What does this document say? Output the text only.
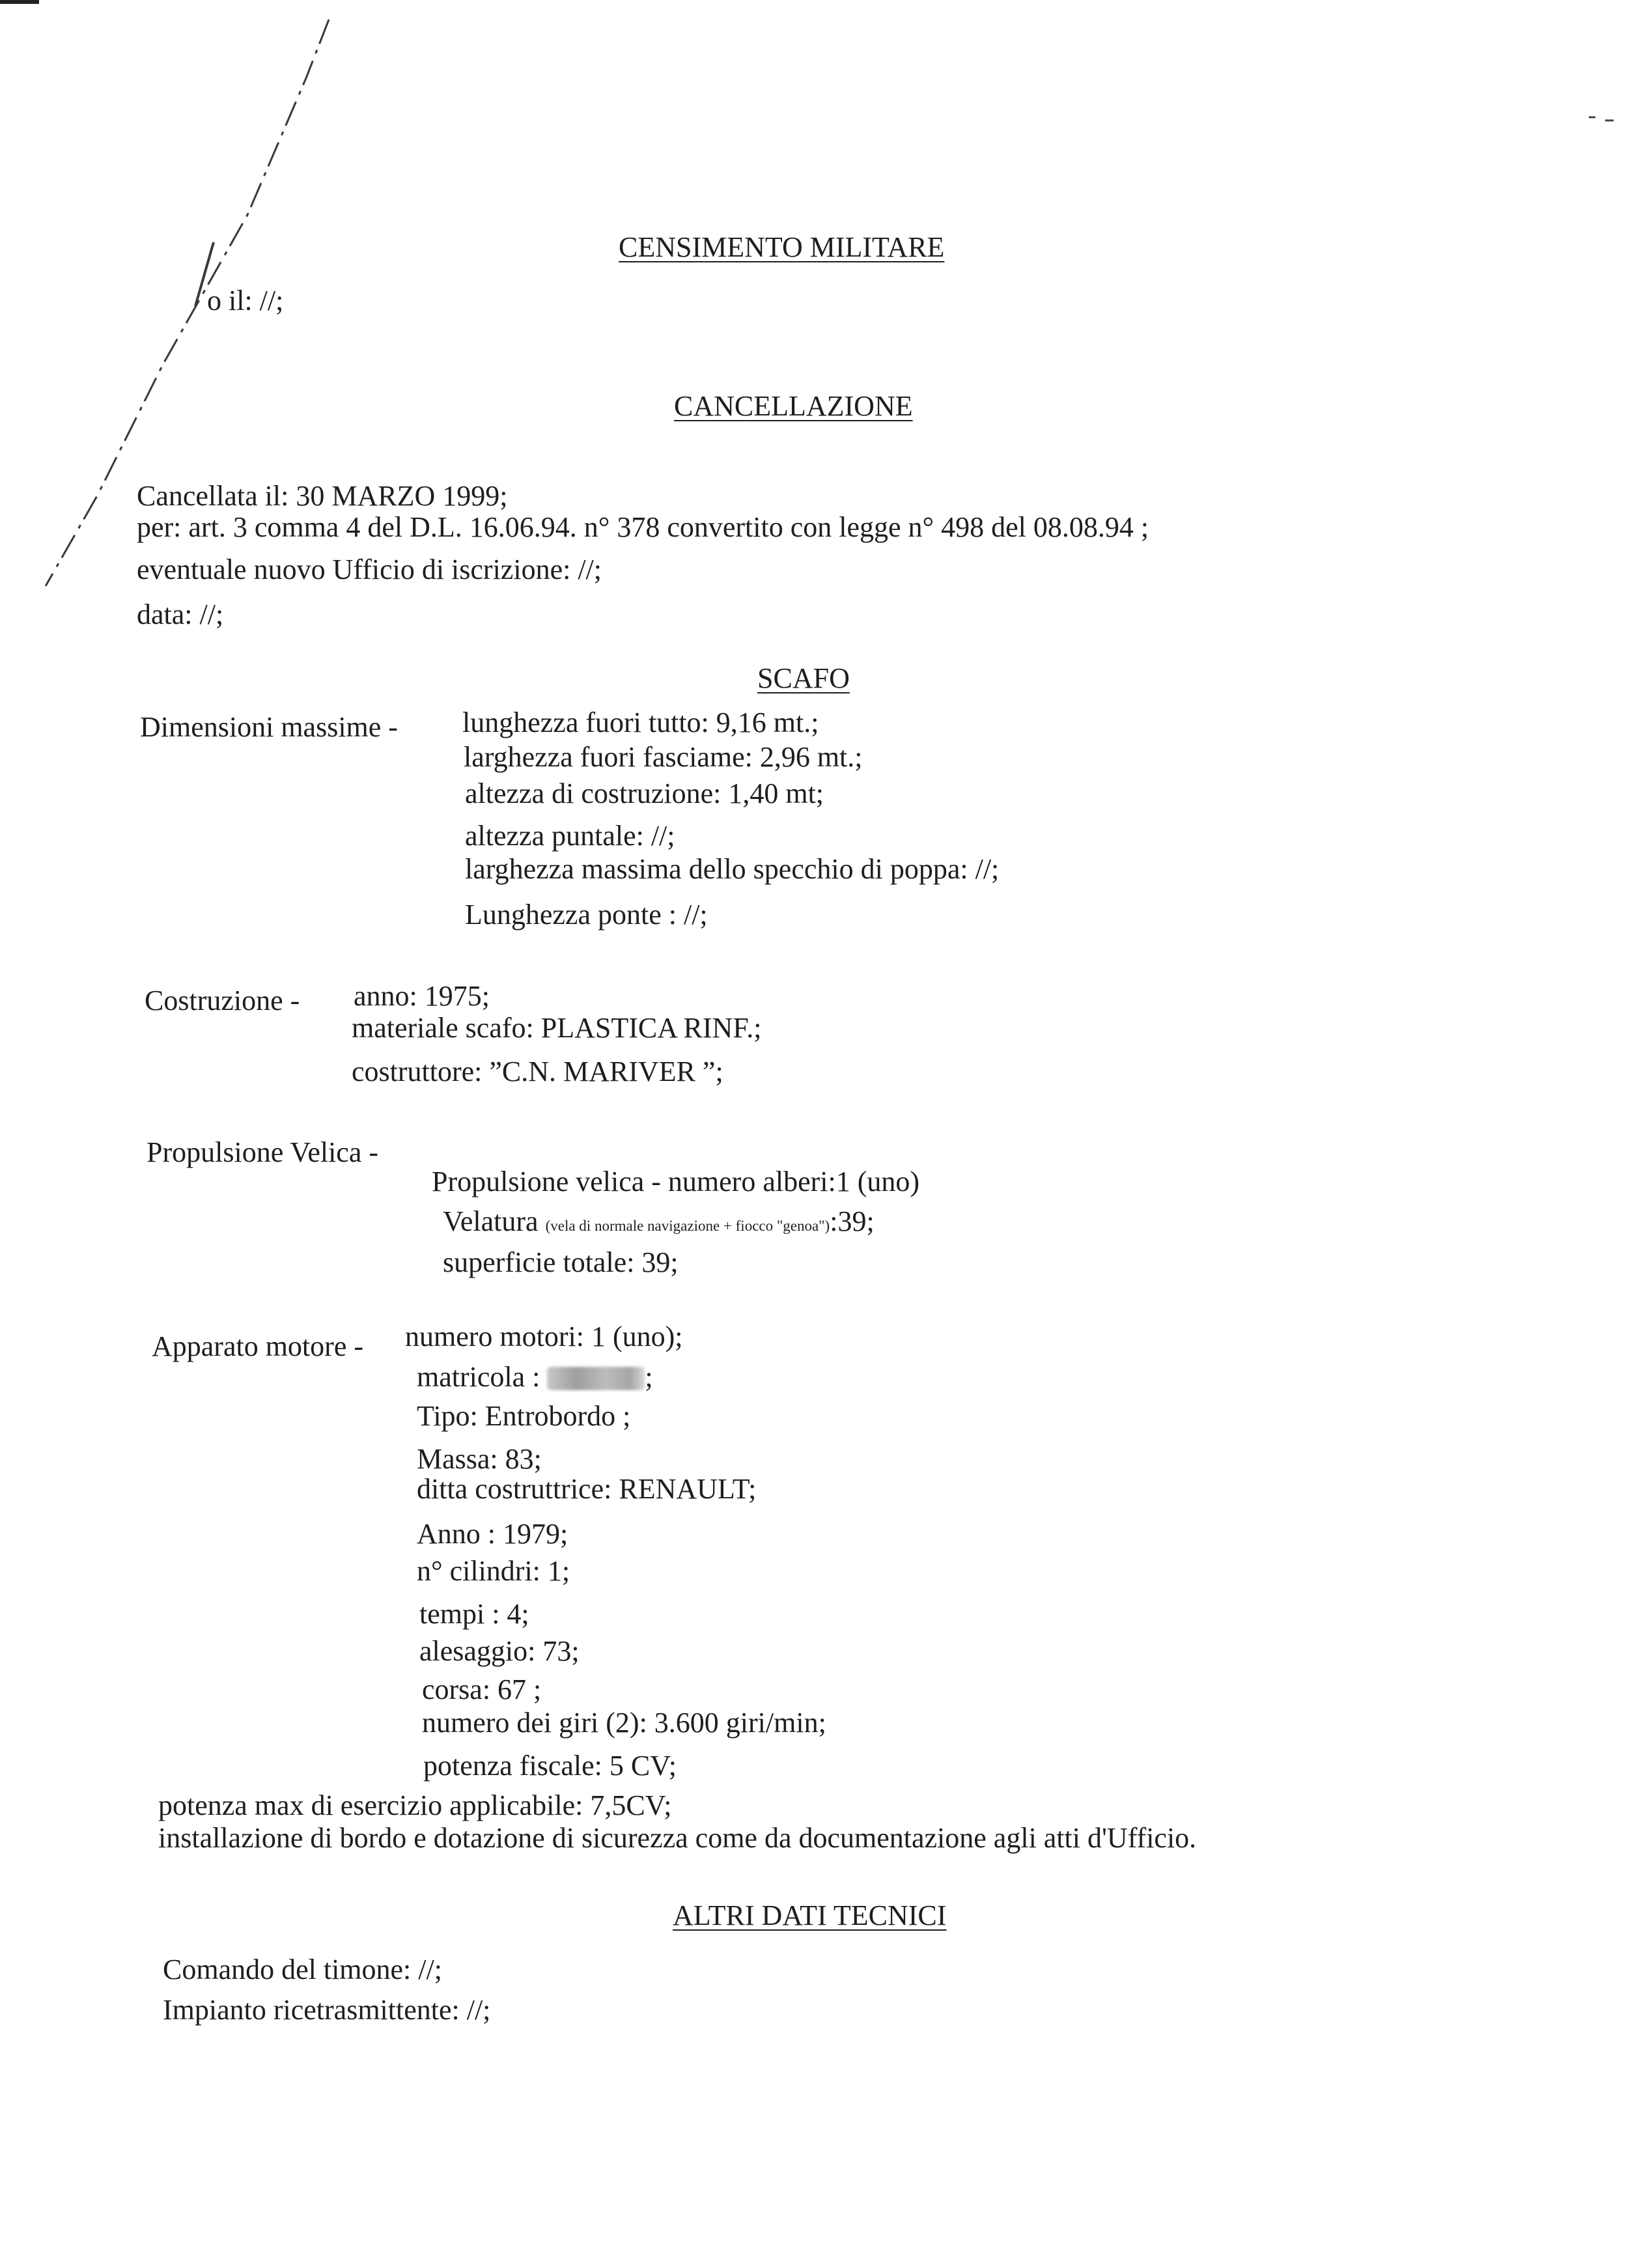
CENSIMENTO MILITARE
o il: //;
CANCELLAZIONE
Cancellata il: 30 MARZO 1999;
per: art. 3 comma 4 del D.L. 16.06.94. n° 378 convertito con legge n° 498 del 08.08.94 ;
eventuale nuovo Ufficio di iscrizione: //;
data: //;
SCAFO
Dimensioni massime - lunghezza fuori tutto: 9,16 mt.;
larghezza fuori fasciame: 2,96 mt.;
altezza di costruzione: 1,40 mt;
altezza puntale: //;
larghezza massima dello specchio di poppa: //;
Lunghezza ponte : //;
Costruzione - anno: 1975;
materiale scafo: PLASTICA RINF.;
costruttore: ”C.N. MARIVER ”;
Propulsione Velica -
Propulsione velica - numero alberi:1 (uno)
Velatura (vela di normale navigazione + fiocco "genoa"):39;
superficie totale: 39;
Apparato motore - numero motori: 1 (uno);
matricola :	;
Tipo: Entrobordo ;
Massa: 83;
ditta costruttrice: RENAULT;
Anno : 1979;
n° cilindri: 1;
tempi : 4;
alesaggio: 73;
corsa: 67 ;
numero dei giri (2): 3.600 giri/min;
potenza fiscale: 5 CV;
potenza max di esercizio applicabile: 7,5CV;
installazione di bordo e dotazione di sicurezza come da documentazione agli atti d'Ufficio.
ALTRI DATI TECNICI
Comando del timone: //;
Impianto ricetrasmittente: //;
